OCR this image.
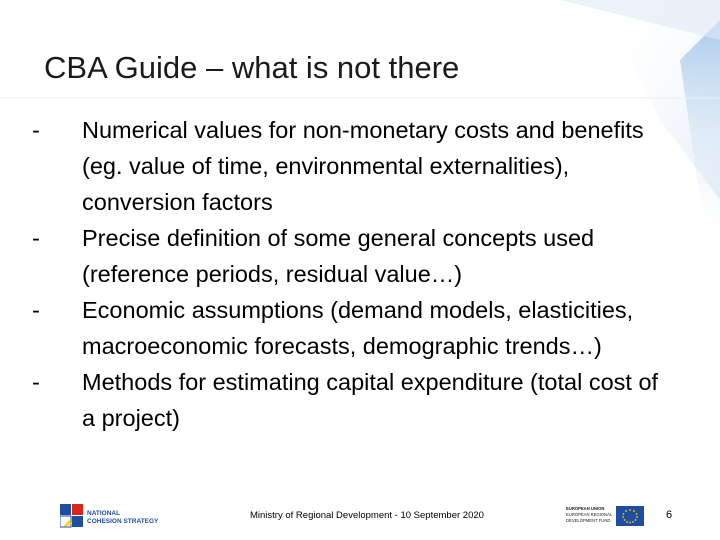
CBA Guide – what is not there
- Numerical values for non-monetary costs and benefits (eg. value of time, environmental externalities), conversion factors
- Precise definition of some general concepts used (reference periods, residual value…)
- Economic assumptions (demand models, elasticities, macroeconomic forecasts, demographic trends…)
- Methods for estimating capital expenditure (total cost of a project)
NATIONAL
COHESION STRATEGY
Ministry of Regional Development - 10 September 2020
EUROPEAN UNION
EUROPEAN REGIONAL
DEVELOPMENT FUND	6
